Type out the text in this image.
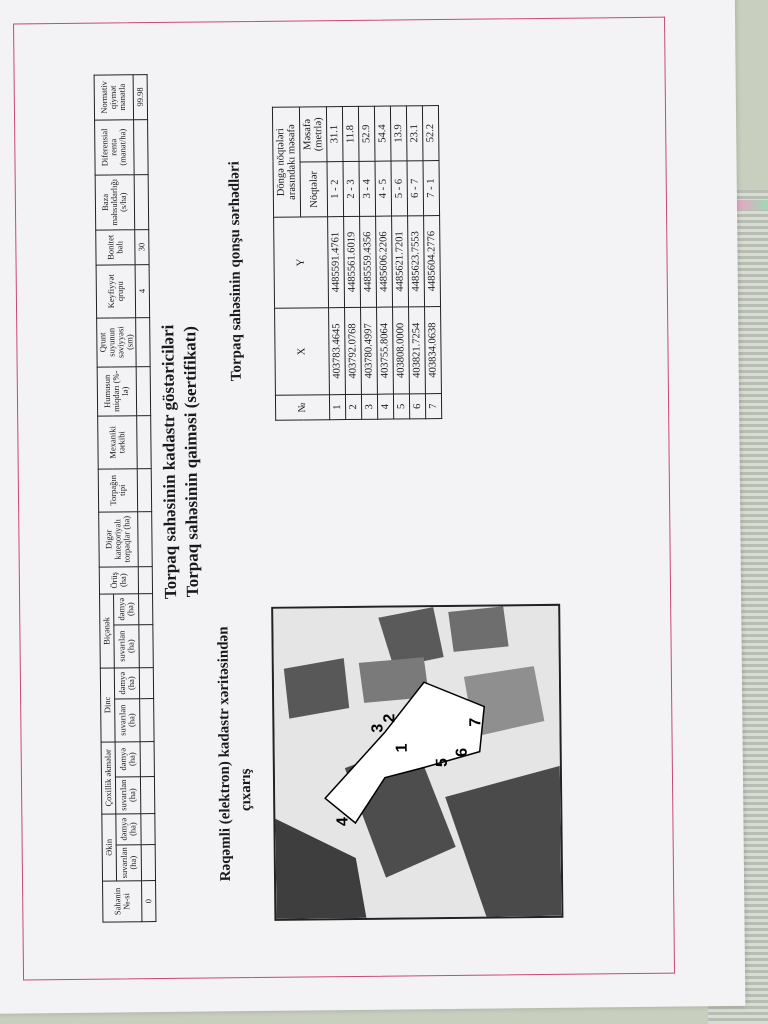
Sahənin №-si	Əkin		Çoxillik əkmələr		Dinc		Biçənək		Örüş (ha)	Digər kateqoriyalı torpaqlar (ha)	Torpağın tipi	Mexaniki tərkibi	Humusun miqdarı (%-lə)	Qrunt suyunun səviyyəsi (sm)	Keyfiyyət qrupu	Bonitet balı	Baza məhsuldarlığı (s/ha)	Diferensial renta (manat/ha)	Normativ qiymət manatla
	suvarılan (ha)	dəmyə (ha)	suvarılan (ha)	dəmyə (ha)	suvarılan (ha)	dəmyə (ha)	suvarılan (ha)	dəmyə (ha)											
0															4	30			99.98
Torpaq sahəsinin kadastr göstəriciləri Torpaq sahəsinin qaiməsi (sertifikatı)
Rəqəmli (elektron) kadastr xəritəsindən çıxarış
4
3
2
1
5
6
7
Torpaq sahəsinin qonşu sərhədləri
№	X	Y	Döngə nöqtələri arasındakı məsafə	
			Nöqtələr	Məsafə (metrlə)
1	403783.4645	4485591.4761	1 - 2	31.1
2	403792.0768	4485561.6019	2 - 3	11.8
3	403780.4997	4485559.4356	3 - 4	52.9
4	403755.8064	4485606.2206	4 - 5	54.4
5	403808.0000	4485621.7201	5 - 6	13.9
6	403821.7254	4485623.7553	6 - 7	23.1
7	403834.0638	4485604.2776	7 - 1	52.2
